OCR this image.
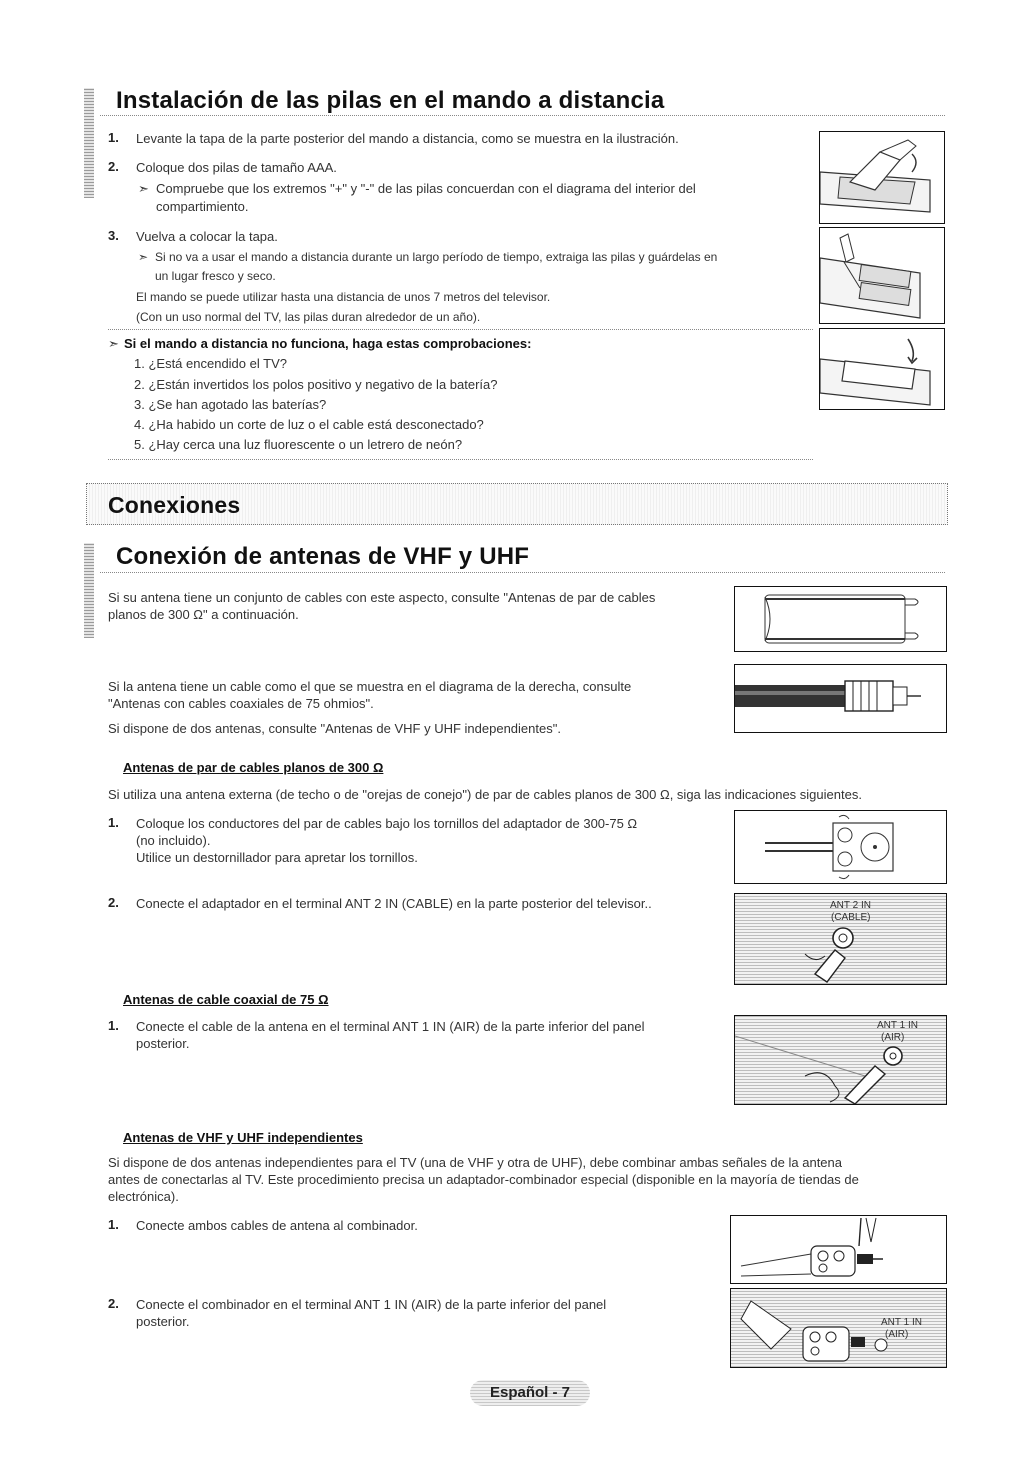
Instalación de las pilas en el mando a distancia
1. Levante la tapa de la parte posterior del mando a distancia, como se muestra en la ilustración.
2. Coloque dos pilas de tamaño AAA.
➣ Compruebe que los extremos "+" y "-" de las pilas concuerdan con el diagrama del interior del
compartimiento.
3. Vuelva a colocar la tapa.
➣ Si no va a usar el mando a distancia durante un largo período de tiempo, extraiga las pilas y guárdelas en
un lugar fresco y seco.
El mando se puede utilizar hasta una distancia de unos 7 metros del televisor.
(Con un uso normal del TV, las pilas duran alrededor de un año).
➣ Si el mando a distancia no funciona, haga estas comprobaciones:
1. ¿Está encendido el TV?
2. ¿Están invertidos los polos positivo y negativo de la batería?
3. ¿Se han agotado las baterías?
4. ¿Ha habido un corte de luz o el cable está desconectado?
5. ¿Hay cerca una luz fluorescente o un letrero de neón?
Conexiones
Conexión de antenas de VHF y UHF
Si su antena tiene un conjunto de cables con este aspecto, consulte "Antenas de par de cables
planos de 300 Ω" a continuación.
Si la antena tiene un cable como el que se muestra en el diagrama de la derecha, consulte
"Antenas con cables coaxiales de 75 ohmios".
Si dispone de dos antenas, consulte "Antenas de VHF y UHF independientes".
Antenas de par de cables planos de 300 Ω
Si utiliza una antena externa (de techo o de "orejas de conejo") de par de cables planos de 300 Ω, siga las indicaciones siguientes.
1. Coloque los conductores del par de cables bajo los tornillos del adaptador de 300-75 Ω
(no incluido).
Utilice un destornillador para apretar los tornillos.
2. Conecte el adaptador en el terminal ANT 2 IN (CABLE) en la parte posterior del televisor..	ANT 2 IN
(CABLE)
Antenas de cable coaxial de 75 Ω
1. Conecte el cable de la antena en el terminal ANT 1 IN (AIR) de la parte inferior del panel
posterior.
ANT 1 IN
(AIR)
Antenas de VHF y UHF independientes
Si dispone de dos antenas independientes para el TV (una de VHF y otra de UHF), debe combinar ambas señales de la antena
antes de conectarlas al TV. Este procedimiento precisa un adaptador-combinador especial (disponible en la mayoría de tiendas de
electrónica).
1. Conecte ambos cables de antena al combinador.
2. Conecte el combinador en el terminal ANT 1 IN (AIR) de la parte inferior del panel
posterior.	ANT 1 IN
(AIR)
Español - 7
